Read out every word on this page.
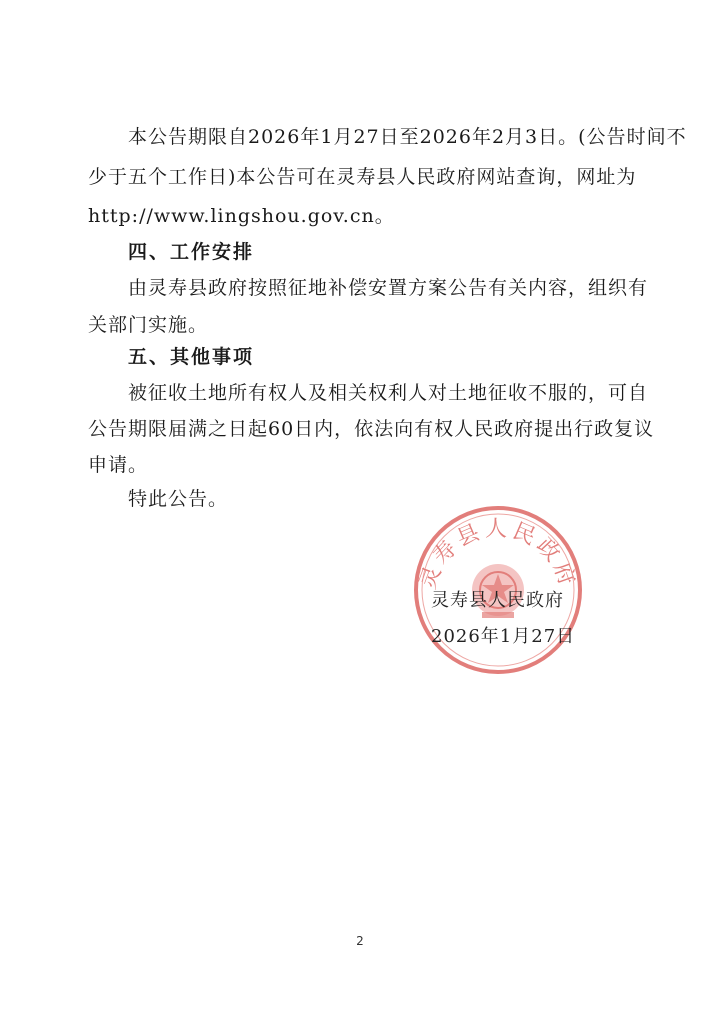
本公告期限自2026年1月27日至2026年2月3日。(公告时间不
少于五个工作日)本公告可在灵寿县人民政府网站查询，网址为
http://www.lingshou.gov.cn。
四、工作安排
由灵寿县政府按照征地补偿安置方案公告有关内容，组织有
关部门实施。
五、其他事项
被征收土地所有权人及相关权利人对土地征收不服的，可自
公告期限届满之日起60日内，依法向有权人民政府提出行政复议
申请。
特此公告。
灵寿县人民政府
灵寿县人民政府
2026年1月27日
2
